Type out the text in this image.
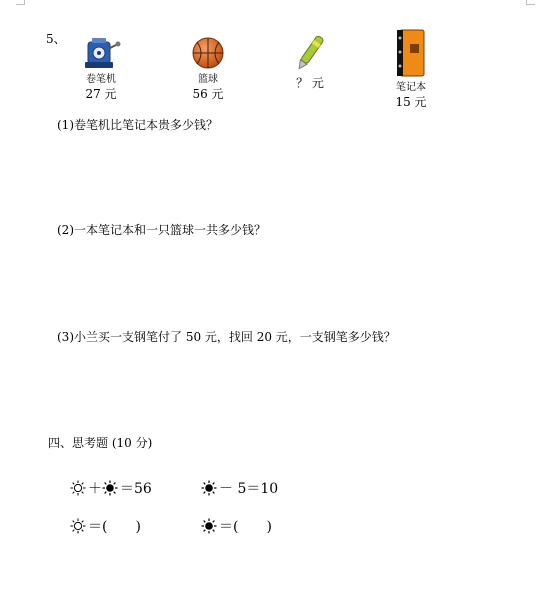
5、
卷笔机
27 元
篮球
56 元
？ 元	笔记本
15 元
(1)卷笔机比笔记本贵多少钱？
(2)一本笔记本和一只篮球一共多少钱？
(3)小兰买一支钢笔付了 50 元，找回 20 元，一支钢笔多少钱？
四、思考题 (10 分)
＋ ＝56	－ 5＝10
＝(　　)	＝(　　)
